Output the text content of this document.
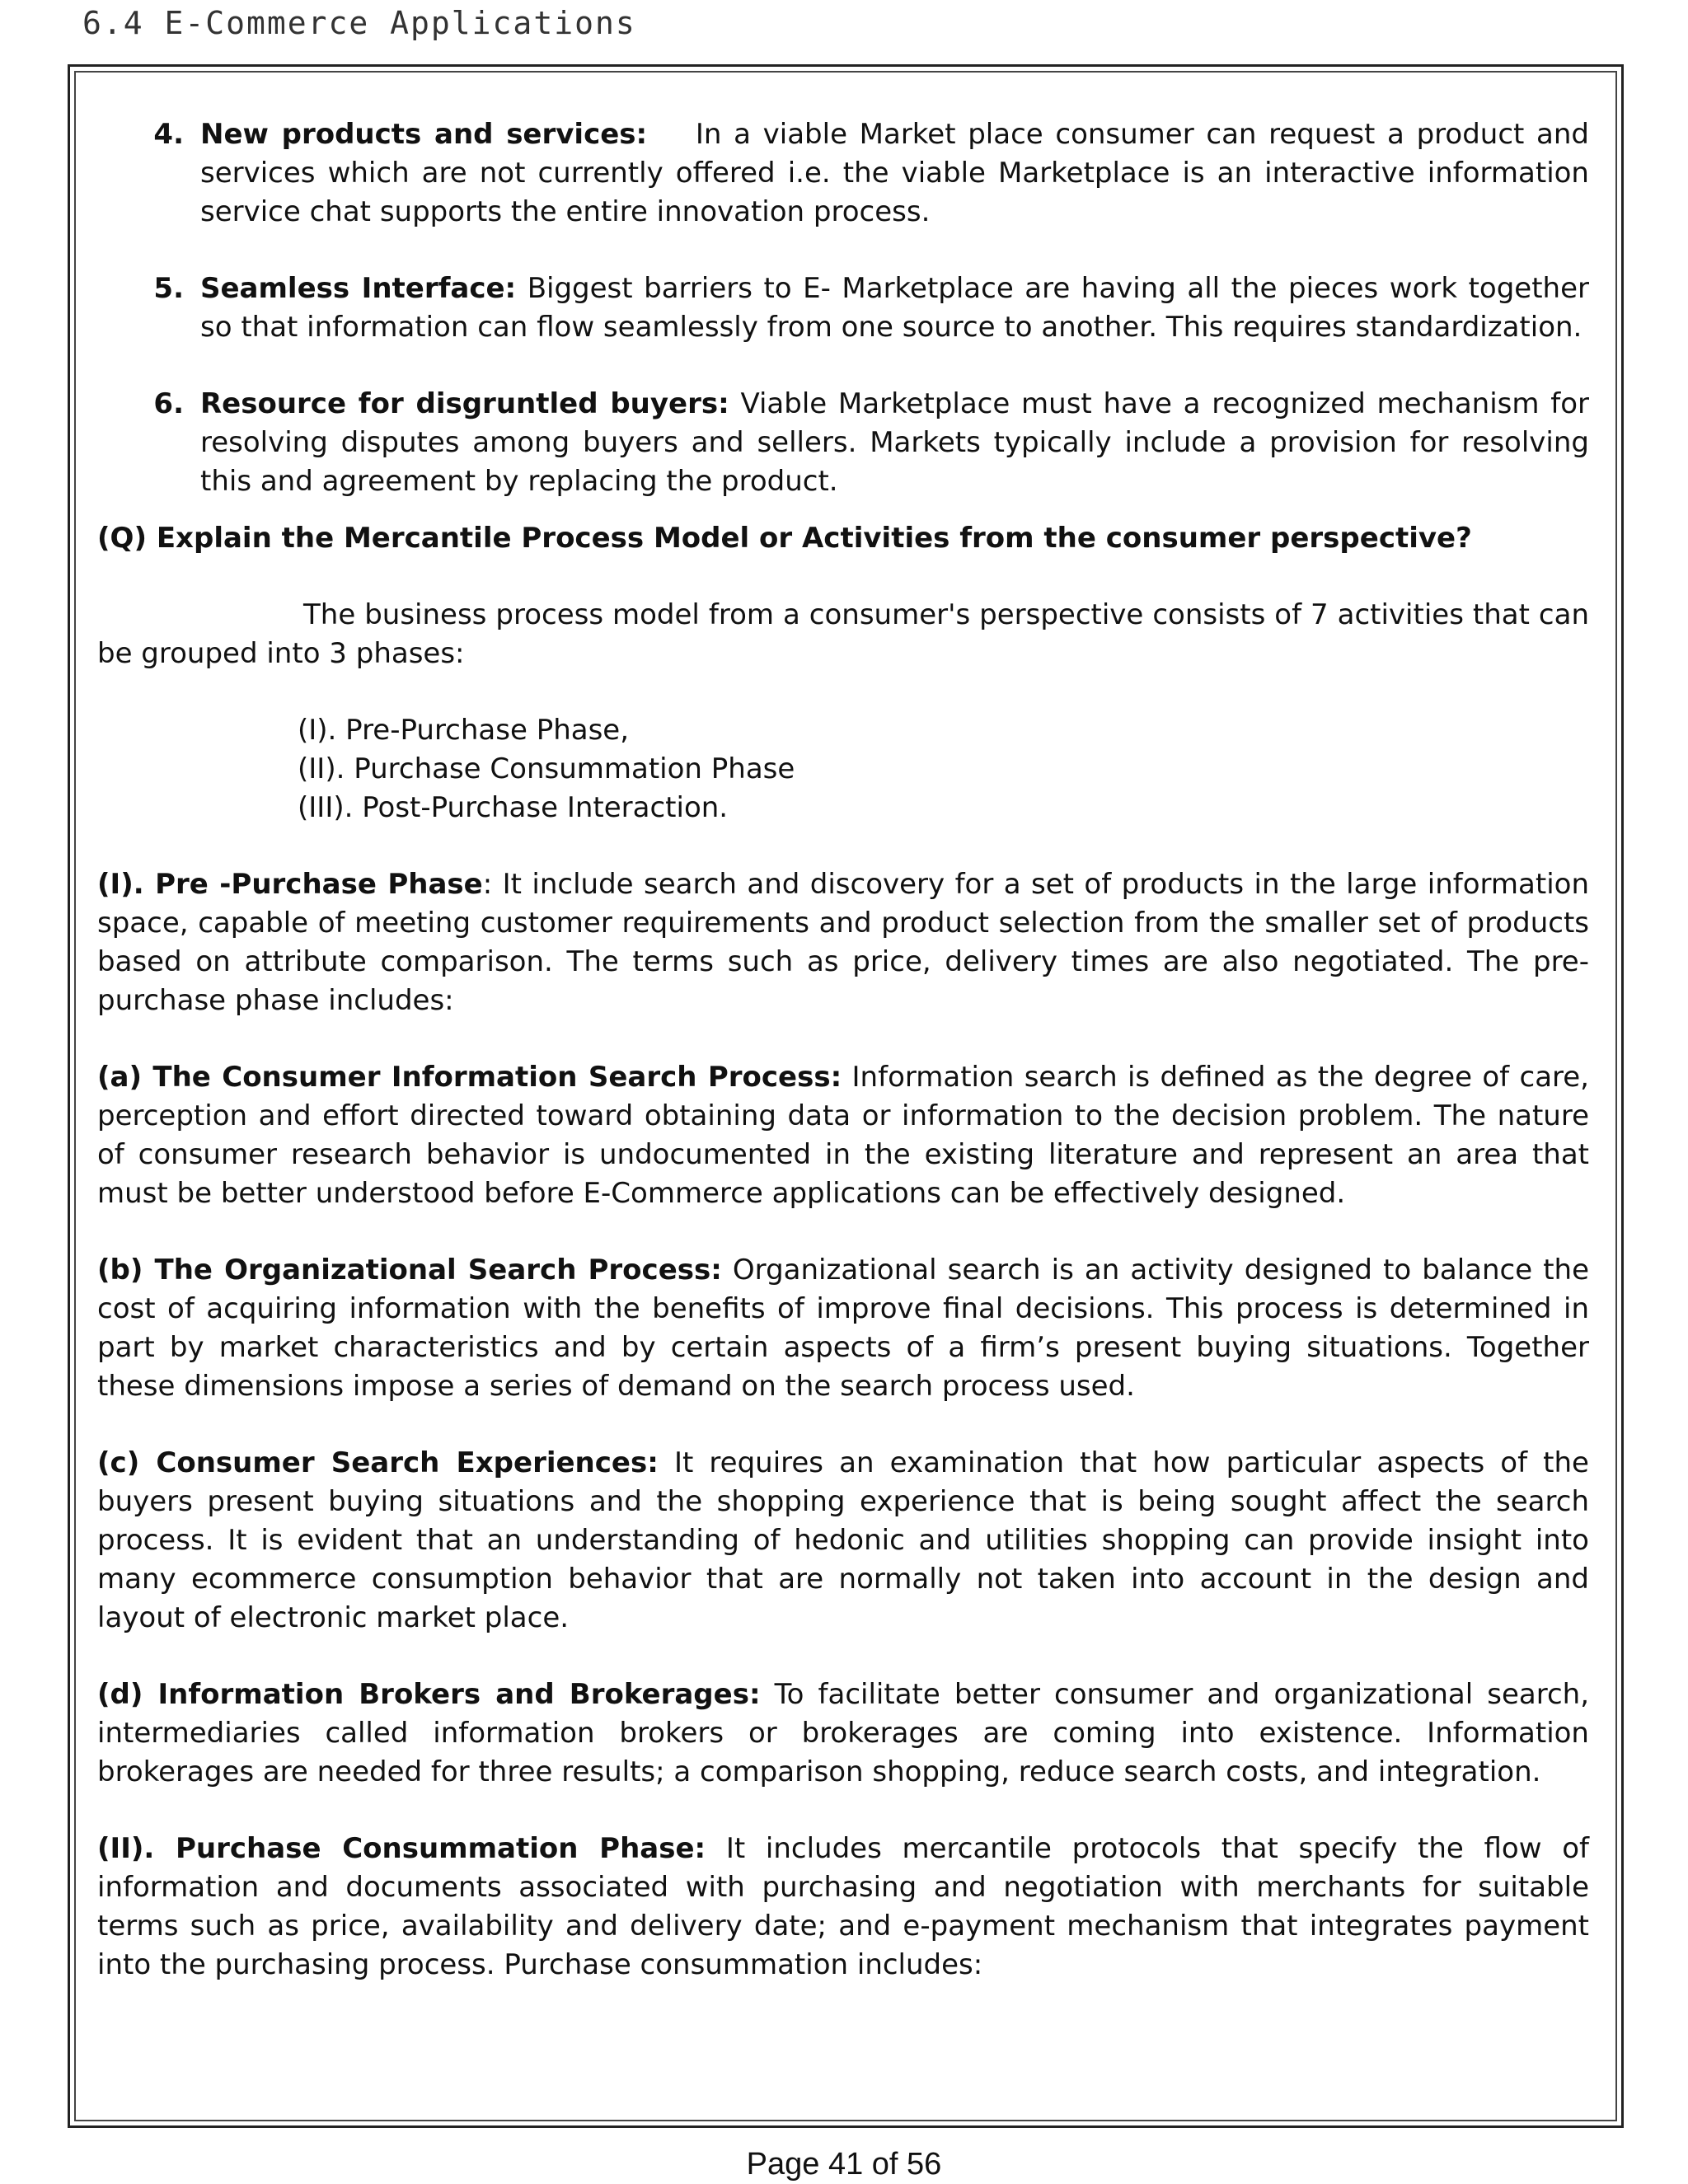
6.4 E-Commerce Applications
4. New products and services: In a viable Market place consumer can request a product and services which are not currently offered i.e. the viable Marketplace is an interactive information service chat supports the entire innovation process.
5. Seamless Interface: Biggest barriers to E- Marketplace are having all the pieces work together so that information can flow seamlessly from one source to another. This requires standardization.
6. Resource for disgruntled buyers: Viable Marketplace must have a recognized mechanism for resolving disputes among buyers and sellers. Markets typically include a provision for resolving this and agreement by replacing the product.
(Q) Explain the Mercantile Process Model or Activities from the consumer perspective?
The business process model from a consumer's perspective consists of 7 activities that can be grouped into 3 phases:
(I). Pre-Purchase Phase,
(II). Purchase Consummation Phase
(III). Post-Purchase Interaction.
(I). Pre -Purchase Phase: It include search and discovery for a set of products in the large information space, capable of meeting customer requirements and product selection from the smaller set of products based on attribute comparison. The terms such as price, delivery times are also negotiated. The pre-purchase phase includes:
(a) The Consumer Information Search Process: Information search is defined as the degree of care, perception and effort directed toward obtaining data or information to the decision problem. The nature of consumer research behavior is undocumented in the existing literature and represent an area that must be better understood before E-Commerce applications can be effectively designed.
(b) The Organizational Search Process: Organizational search is an activity designed to balance the cost of acquiring information with the benefits of improve final decisions. This process is determined in part by market characteristics and by certain aspects of a firm’s present buying situations. Together these dimensions impose a series of demand on the search process used.
(c) Consumer Search Experiences: It requires an examination that how particular aspects of the buyers present buying situations and the shopping experience that is being sought affect the search process. It is evident that an understanding of hedonic and utilities shopping can provide insight into many ecommerce consumption behavior that are normally not taken into account in the design and layout of electronic market place.
(d) Information Brokers and Brokerages: To facilitate better consumer and organizational search, intermediaries called information brokers or brokerages are coming into existence. Information brokerages are needed for three results; a comparison shopping, reduce search costs, and integration.
(II). Purchase Consummation Phase: It includes mercantile protocols that specify the flow of information and documents associated with purchasing and negotiation with merchants for suitable terms such as price, availability and delivery date; and e-payment mechanism that integrates payment into the purchasing process. Purchase consummation includes:
Page 41 of 56
